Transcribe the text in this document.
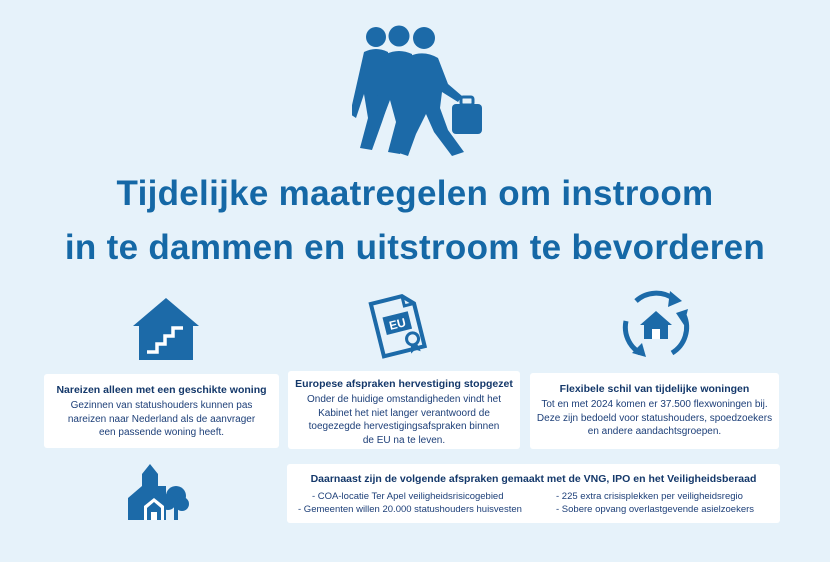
Tijdelijke maatregelen om instroom
in te dammen en uitstroom te bevorderen
EU
Nareizen alleen met een geschikte woning

Gezinnen van statushouders kunnen pas
nareizen naar Nederland als de aanvrager
een passende woning heeft.

Europese afspraken hervestiging stopgezet

Onder de huidige omstandigheden vindt het
Kabinet het niet langer verantwoord de
toegezegde hervestigingsafspraken binnen
de EU na te leven.

Flexibele schil van tijdelijke woningen

Tot en met 2024 komen er 37.500 flexwoningen bij.
Deze zijn bedoeld voor statushouders, spoedzoekers
en andere aandachtsgroepen.

Daarnaast zijn de volgende afspraken gemaakt met de VNG, IPO en het Veiligheidsberaad
- COA-locatie Ter Apel veiligheidsrisicogebied
- Gemeenten willen 20.000 statushouders huisvesten
- 225 extra crisisplekken per veiligheidsregio
- Sobere opvang overlastgevende asielzoekers
